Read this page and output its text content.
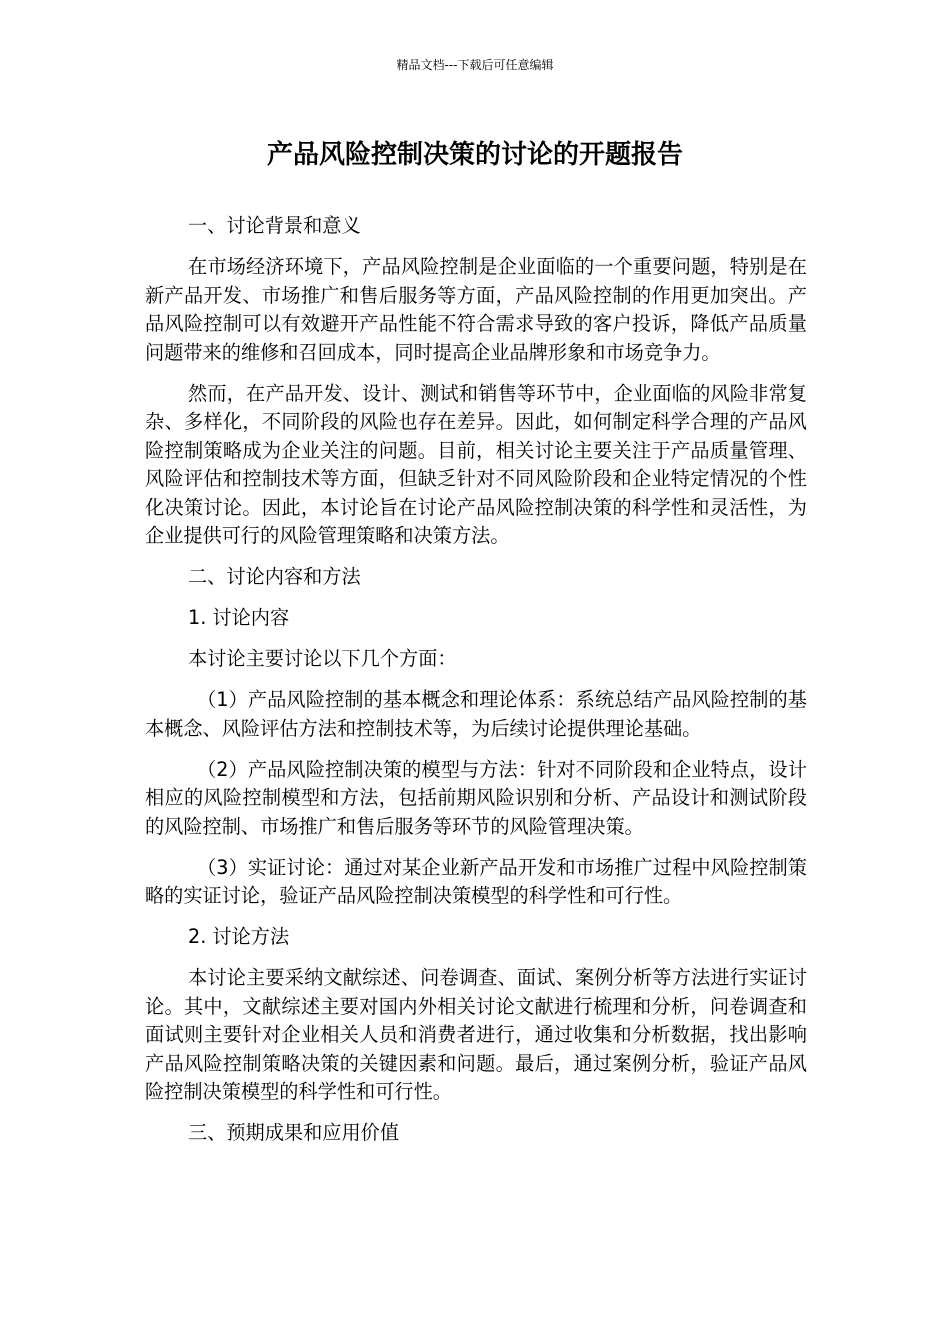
精品文档---下载后可任意编辑
产品风险控制决策的讨论的开题报告
一、讨论背景和意义

在市场经济环境下，产品风险控制是企业面临的一个重要问题，特别是在新产品开发、市场推广和售后服务等方面，产品风险控制的作用更加突出。产品风险控制可以有效避开产品性能不符合需求导致的客户投诉，降低产品质量问题带来的维修和召回成本，同时提高企业品牌形象和市场竞争力。

然而，在产品开发、设计、测试和销售等环节中，企业面临的风险非常复杂、多样化，不同阶段的风险也存在差异。因此，如何制定科学合理的产品风险控制策略成为企业关注的问题。目前，相关讨论主要关注于产品质量管理、风险评估和控制技术等方面，但缺乏针对不同风险阶段和企业特定情况的个性化决策讨论。因此，本讨论旨在讨论产品风险控制决策的科学性和灵活性，为企业提供可行的风险管理策略和决策方法。

二、讨论内容和方法
1. 讨论内容
本讨论主要讨论以下几个方面：

（1）产品风险控制的基本概念和理论体系：系统总结产品风险控制的基本概念、风险评估方法和控制技术等，为后续讨论提供理论基础。

（2）产品风险控制决策的模型与方法：针对不同阶段和企业特点，设计相应的风险控制模型和方法，包括前期风险识别和分析、产品设计和测试阶段的风险控制、市场推广和售后服务等环节的风险管理决策。

（3）实证讨论：通过对某企业新产品开发和市场推广过程中风险控制策略的实证讨论，验证产品风险控制决策模型的科学性和可行性。

2. 讨论方法

本讨论主要采纳文献综述、问卷调查、面试、案例分析等方法进行实证讨论。其中，文献综述主要对国内外相关讨论文献进行梳理和分析，问卷调查和面试则主要针对企业相关人员和消费者进行，通过收集和分析数据，找出影响产品风险控制策略决策的关键因素和问题。最后，通过案例分析，验证产品风险控制决策模型的科学性和可行性。

三、预期成果和应用价值
